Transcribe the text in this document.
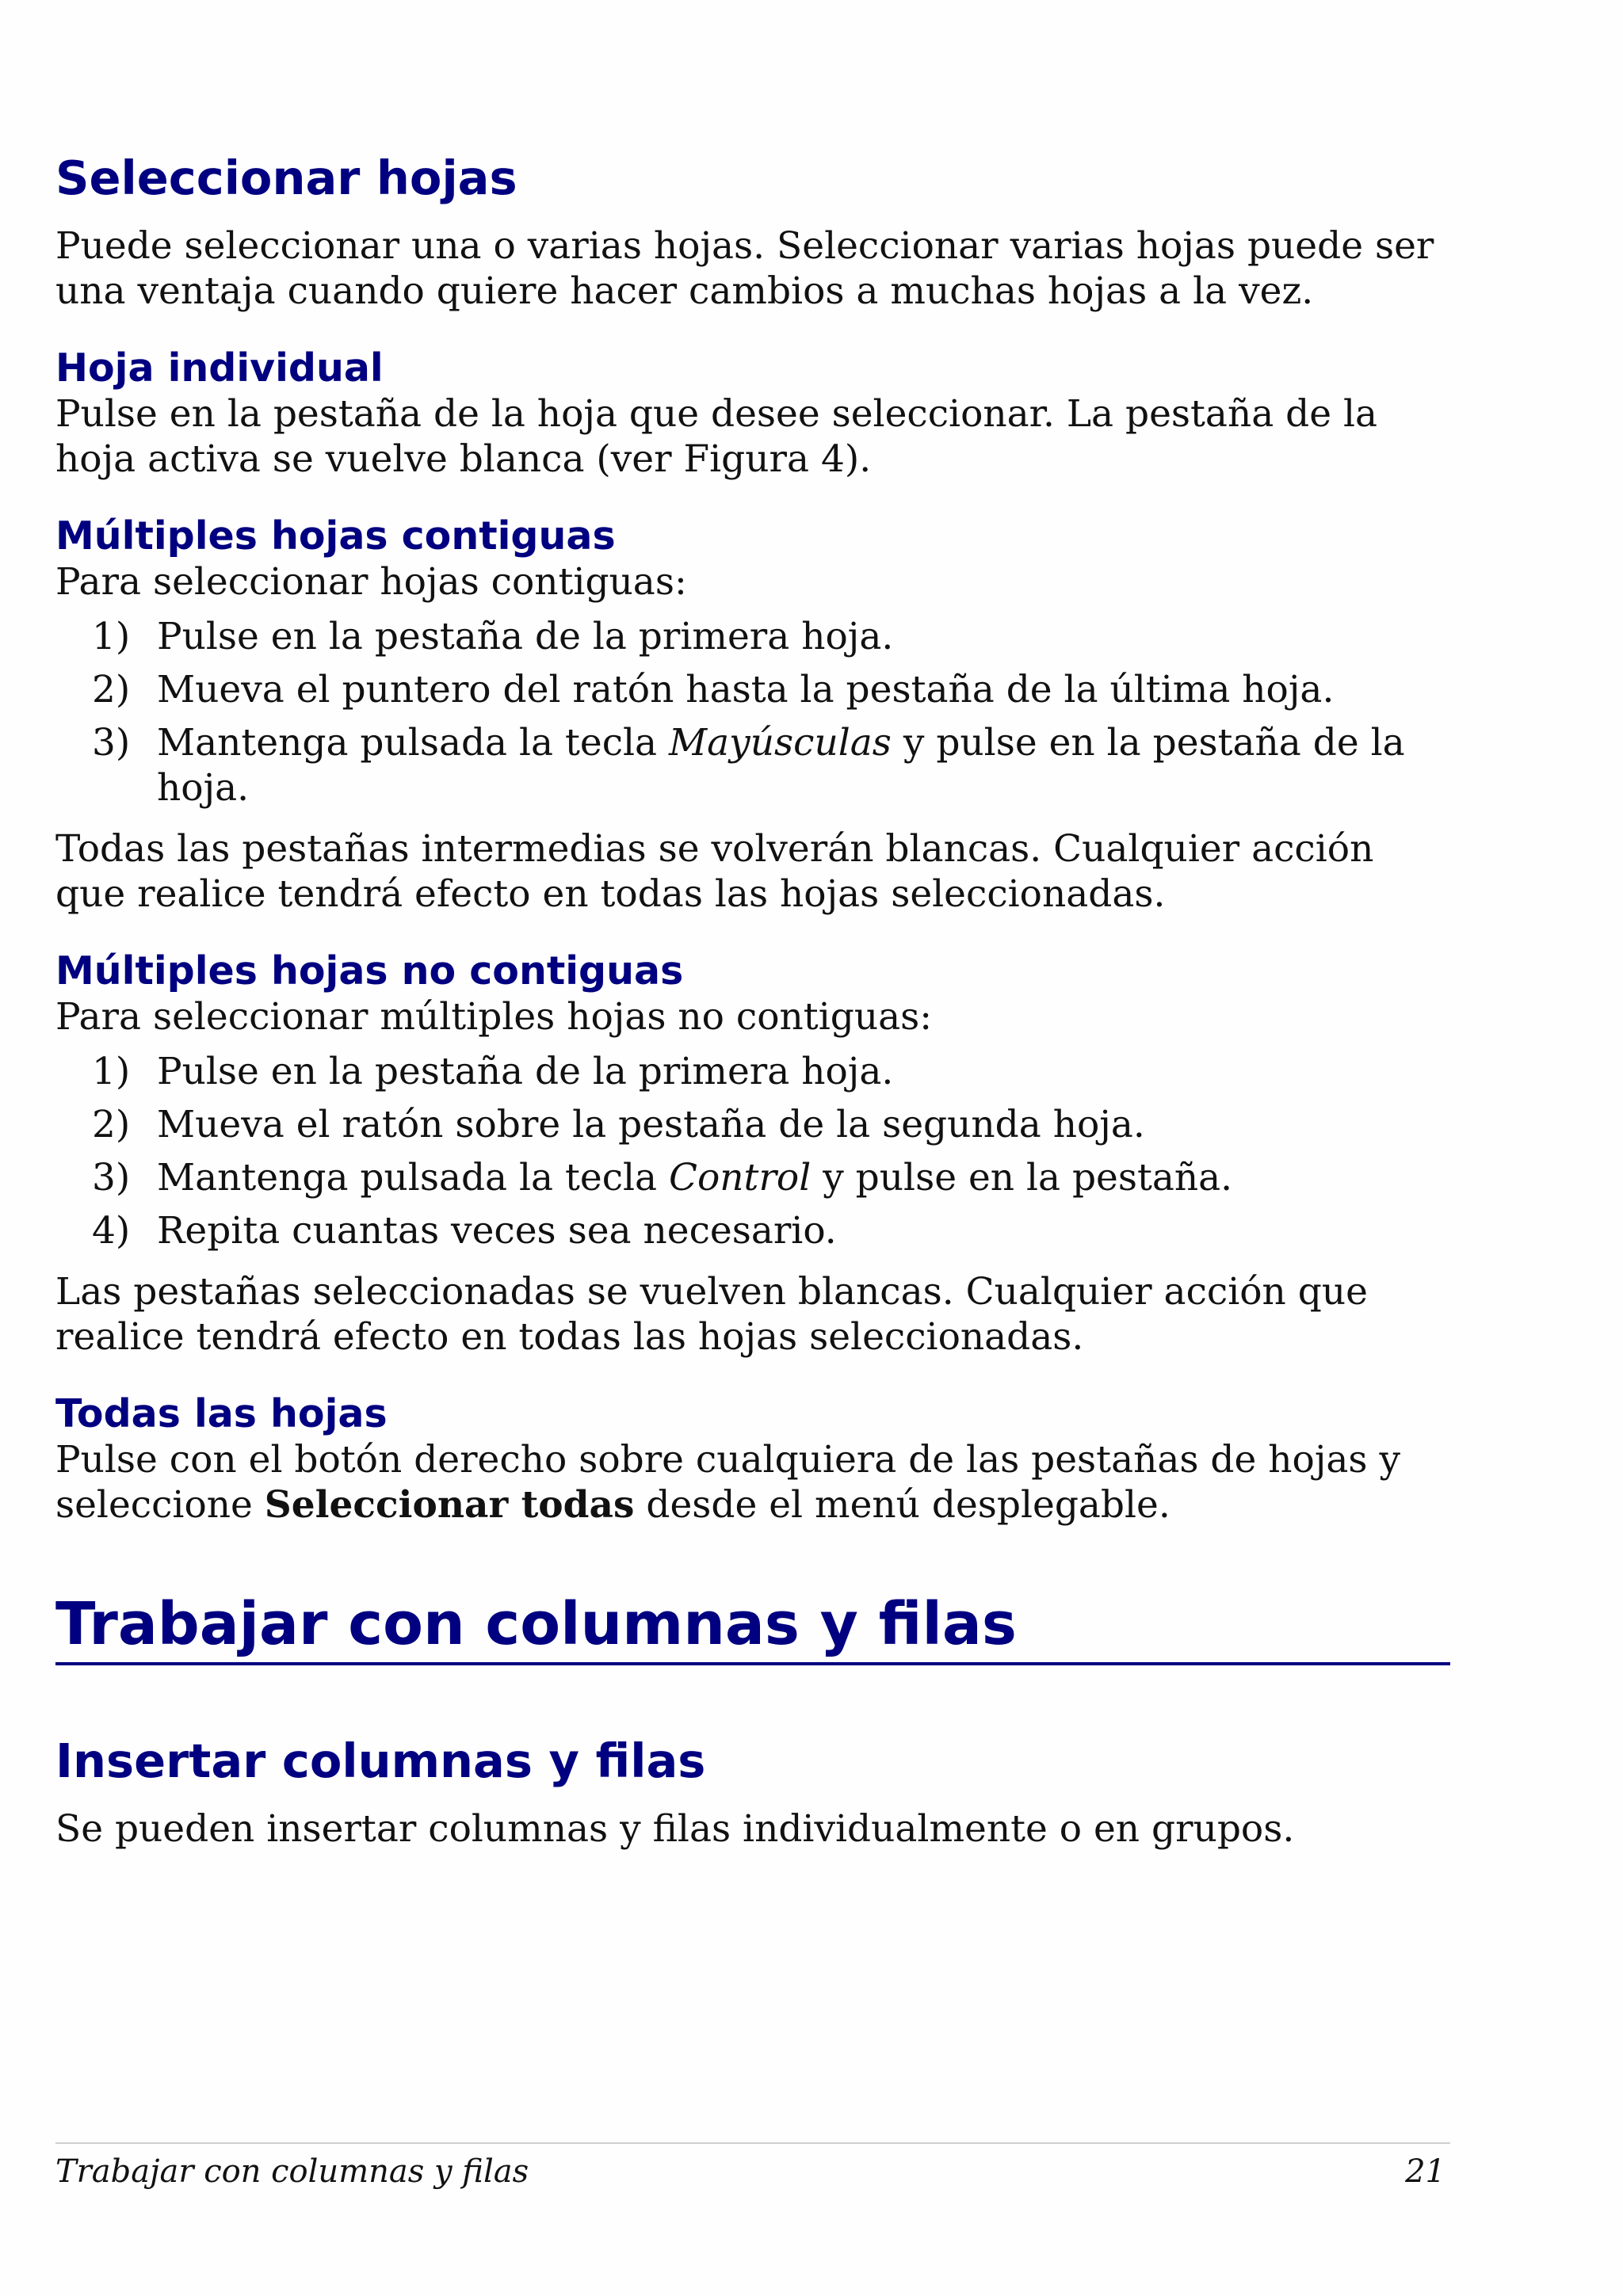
Seleccionar hojas

Puede seleccionar una o varias hojas. Seleccionar varias hojas puede ser una ventaja cuando quiere hacer cambios a muchas hojas a la vez.

Hoja individual

Pulse en la pestaña de la hoja que desee seleccionar. La pestaña de la hoja activa se vuelve blanca (ver Figura 4).

Múltiples hojas contiguas

Para seleccionar hojas contiguas:

1) Pulse en la pestaña de la primera hoja.
2) Mueva el puntero del ratón hasta la pestaña de la última hoja.
3) Mantenga pulsada la tecla Mayúsculas y pulse en la pestaña de la hoja.

Todas las pestañas intermedias se volverán blancas. Cualquier acción que realice tendrá efecto en todas las hojas seleccionadas.

Múltiples hojas no contiguas

Para seleccionar múltiples hojas no contiguas:

1) Pulse en la pestaña de la primera hoja.
2) Mueva el ratón sobre la pestaña de la segunda hoja.
3) Mantenga pulsada la tecla Control y pulse en la pestaña.
4) Repita cuantas veces sea necesario.

Las pestañas seleccionadas se vuelven blancas. Cualquier acción que realice tendrá efecto en todas las hojas seleccionadas.

Todas las hojas

Pulse con el botón derecho sobre cualquiera de las pestañas de hojas y seleccione Seleccionar todas desde el menú desplegable.

Trabajar con columnas y filas
Insertar columnas y filas

Se pueden insertar columnas y filas individualmente o en grupos.

Trabajar con columnas y filas	21
